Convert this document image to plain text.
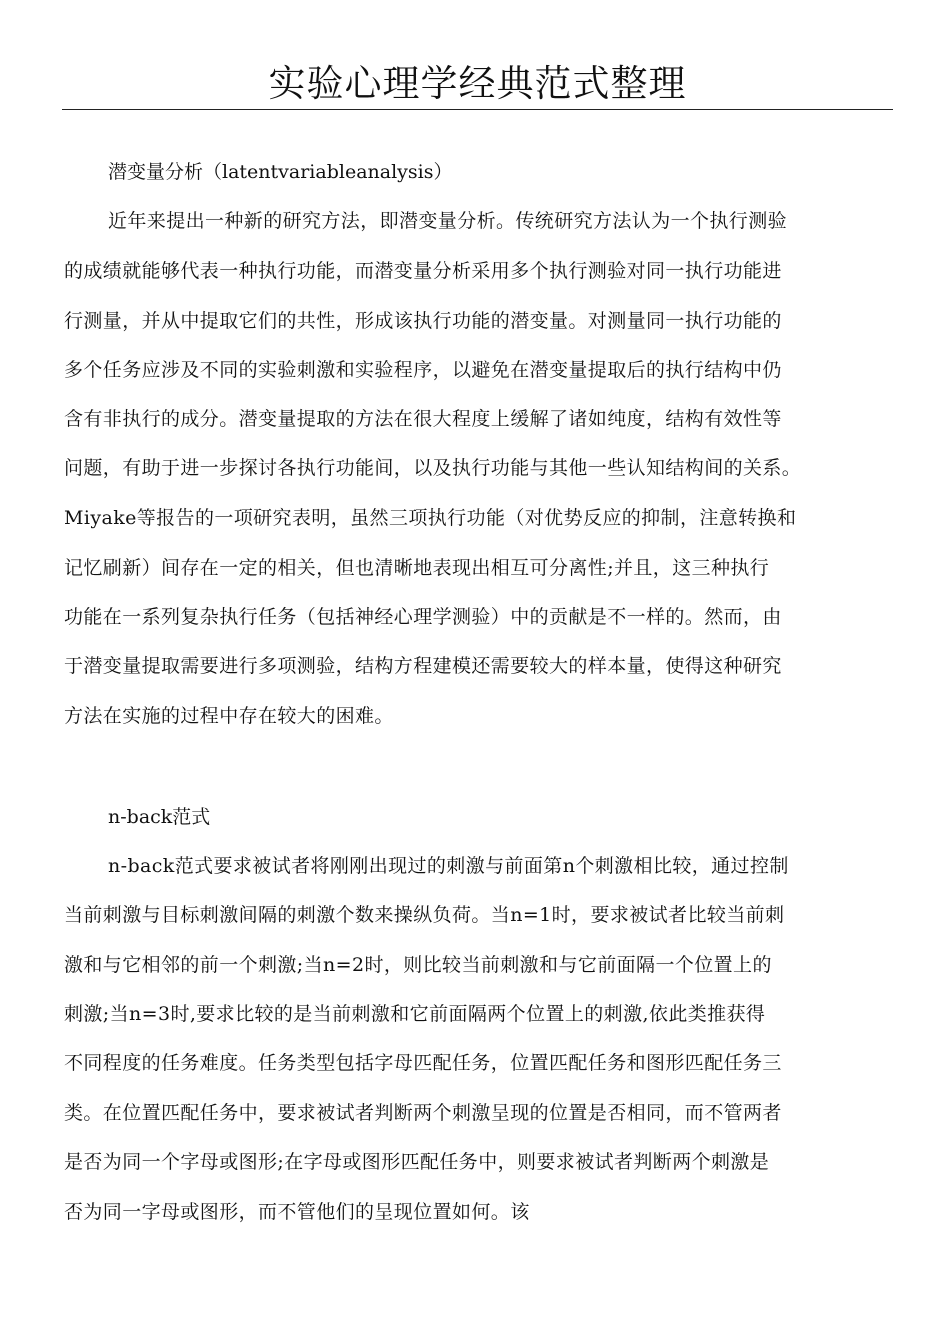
实验心理学经典范式整理
潜变量分析（latentvariableanalysis）

近年来提出一种新的研究方法，即潜变量分析。传统研究方法认为一个执行测验

的成绩就能够代表一种执行功能，而潜变量分析采用多个执行测验对同一执行功能进

行测量，并从中提取它们的共性，形成该执行功能的潜变量。对测量同一执行功能的

多个任务应涉及不同的实验刺激和实验程序，以避免在潜变量提取后的执行结构中仍

含有非执行的成分。潜变量提取的方法在很大程度上缓解了诸如纯度，结构有效性等

问题，有助于进一步探讨各执行功能间，以及执行功能与其他一些认知结构间的关系。

Miyake等报告的一项研究表明，虽然三项执行功能（对优势反应的抑制，注意转换和

记忆刷新）间存在一定的相关，但也清晰地表现出相互可分离性;并且，这三种执行

功能在一系列复杂执行任务（包括神经心理学测验）中的贡献是不一样的。然而，由

于潜变量提取需要进行多项测验，结构方程建模还需要较大的样本量，使得这种研究

方法在实施的过程中存在较大的困难。

n-back范式

n-back范式要求被试者将刚刚出现过的刺激与前面第n个刺激相比较，通过控制

当前刺激与目标刺激间隔的刺激个数来操纵负荷。当n=1时，要求被试者比较当前刺

激和与它相邻的前一个刺激;当n=2时，则比较当前刺激和与它前面隔一个位置上的

刺激;当n=3时,要求比较的是当前刺激和它前面隔两个位置上的刺激,依此类推获得

不同程度的任务难度。任务类型包括字母匹配任务，位置匹配任务和图形匹配任务三

类。在位置匹配任务中，要求被试者判断两个刺激呈现的位置是否相同，而不管两者

是否为同一个字母或图形;在字母或图形匹配任务中，则要求被试者判断两个刺激是

否为同一字母或图形，而不管他们的呈现位置如何。该
